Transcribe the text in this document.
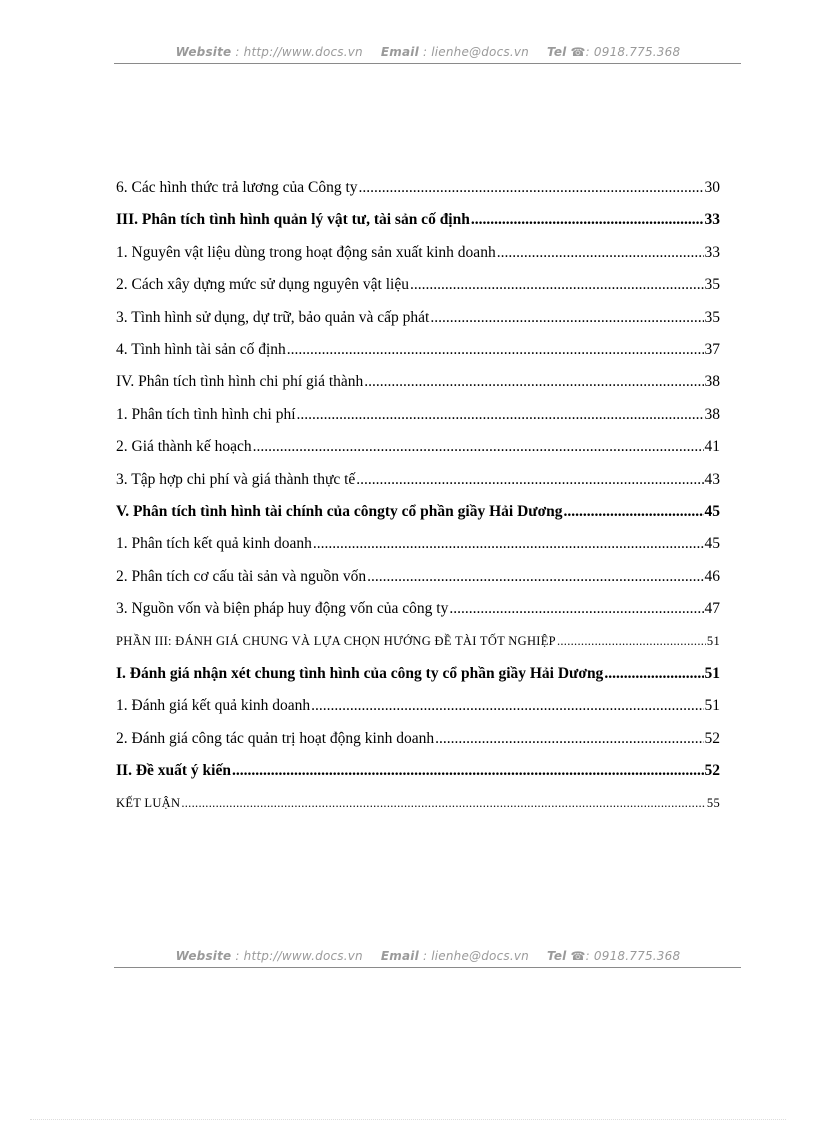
Website : http://www.docs.vn Email : lienhe@docs.vn Tel ☎: 0918.775.368
6. Các hình thức trả lương của Công ty .....	30
III. Phân tích tình hình quản lý vật tư, tài sản cố định .....	33
1. Nguyên vật liệu dùng trong hoạt động sản xuất kinh doanh .....	33
2. Cách xây dựng mức sử dụng nguyên vật liệu .....	35
3. Tình hình sử dụng, dự trữ, bảo quản và cấp phát .....	35
4. Tình hình tài sản cố định .....	37
IV. Phân tích tình hình chi phí giá thành .....	38
1. Phân tích tình hình chi phí .....	38
2. Giá thành kế hoạch .....	41
3. Tập hợp chi phí và giá thành thực tế .....	43
V. Phân tích tình hình tài chính của côngty cổ phần giầy Hải Dương .....	45
1. Phân tích kết quả kinh doanh .....	45
2. Phân tích cơ cấu tài sản và nguồn vốn .....	46
3. Nguồn vốn và biện pháp huy động vốn của công ty .....	47
PHẦN III: ĐÁNH GIÁ CHUNG VÀ LỰA CHỌN HƯỚNG ĐỀ TÀI TỐT NGHIỆP .....	51
I. Đánh giá nhận xét chung tình hình của công ty cổ phần giầy Hải Dương .....	51
1. Đánh giá kết quả kinh doanh .....	51
2. Đánh giá công tác quản trị hoạt động kinh doanh .....	52
II. Đề xuất ý kiến .....	52
KẾT LUẬN .....	55
Website : http://www.docs.vn Email : lienhe@docs.vn Tel ☎: 0918.775.368
